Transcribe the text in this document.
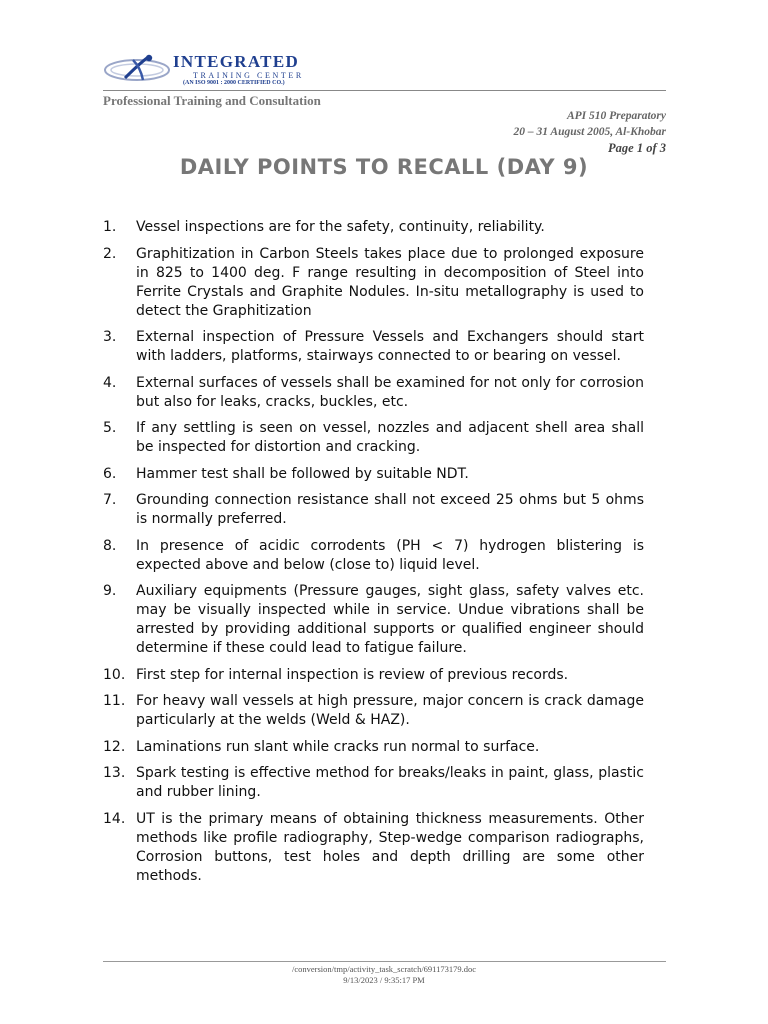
INTEGRATED
TRAINING CENTER
(AN ISO 9001 : 2000 CERTIFIED CO.)
Professional Training and Consultation
API 510 Preparatory
20 – 31 August 2005, Al-Khobar
Page 1 of 3
DAILY POINTS TO RECALL (DAY 9)
1.	Vessel inspections are for the safety, continuity, reliability.
2.	Graphitization in Carbon Steels takes place due to prolonged exposure in 825 to 1400 deg. F range resulting in decomposition of Steel into Ferrite Crystals and Graphite Nodules. In-situ metallography is used to detect the Graphitization
3.	External inspection of Pressure Vessels and Exchangers should start with ladders, platforms, stairways connected to or bearing on vessel.
4.	External surfaces of vessels shall be examined for not only for corrosion but also for leaks, cracks, buckles, etc.
5.	If any settling is seen on vessel, nozzles and adjacent shell area shall be inspected for distortion and cracking.
6.	Hammer test shall be followed by suitable NDT.
7.	Grounding connection resistance shall not exceed 25 ohms but 5 ohms is normally preferred.
8.	In presence of acidic corrodents (PH < 7) hydrogen blistering is expected above and below (close to) liquid level.
9.	Auxiliary equipments (Pressure gauges, sight glass, safety valves etc. may be visually inspected while in service. Undue vibrations shall be arrested by providing additional supports or qualified engineer should determine if these could lead to fatigue failure.
10. First step for internal inspection is review of previous records.
11. For heavy wall vessels at high pressure, major concern is crack damage particularly at the welds (Weld & HAZ).
12. Laminations run slant while cracks run normal to surface.
13. Spark testing is effective method for breaks/leaks in paint, glass, plastic and rubber lining.
14. UT is the primary means of obtaining thickness measurements. Other methods like profile radiography, Step-wedge comparison radiographs, Corrosion buttons, test holes and depth drilling are some other methods.
/conversion/tmp/activity_task_scratch/691173179.doc
9/13/2023 / 9:35:17 PM
